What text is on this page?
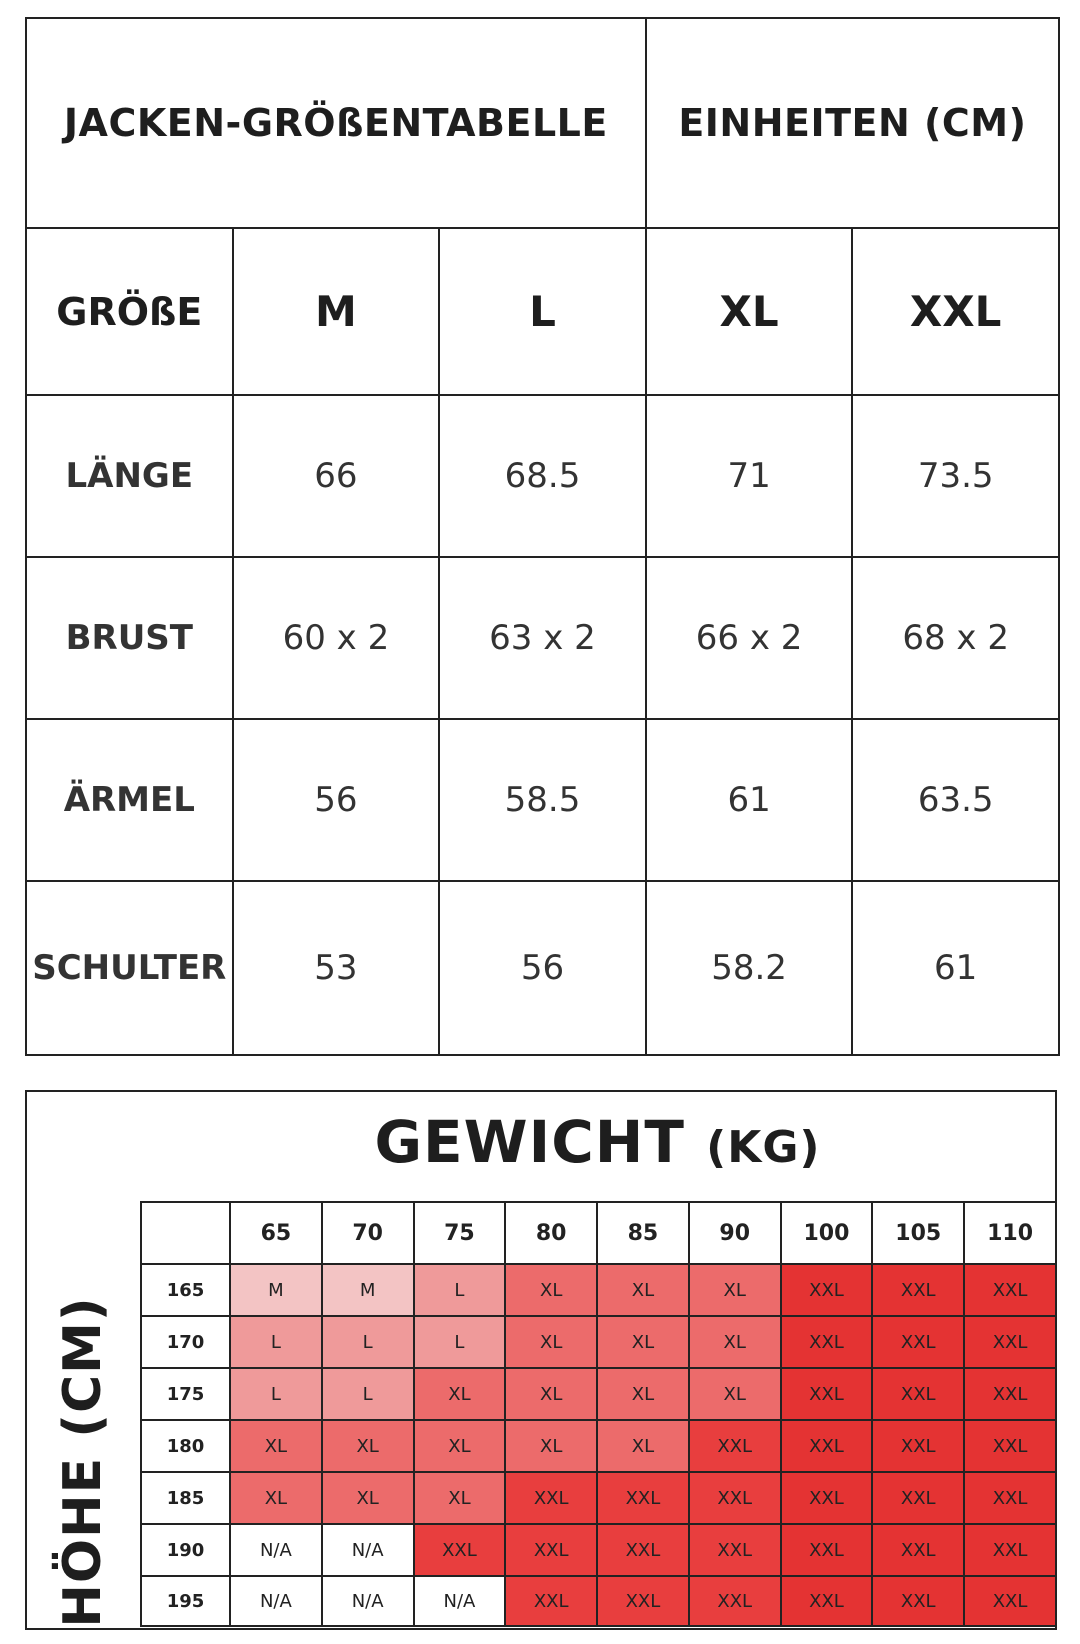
JACKEN-GRÖßENTABELLE			EINHEITEN (CM)	
GRÖßE	M	L	XL	XXL
LÄNGE	66	68.5	71	73.5
BRUST	60 x 2	63 x 2	66 x 2	68 x 2
ÄRMEL	56	58.5	61	63.5
SCHULTER	53	56	58.2	61
GEWICHT (KG)
HÖHE (CM)
	65	70	75	80	85	90	100	105	110
165	M	M	L	XL	XL	XL	XXL	XXL	XXL
170	L	L	L	XL	XL	XL	XXL	XXL	XXL
175	L	L	XL	XL	XL	XL	XXL	XXL	XXL
180	XL	XL	XL	XL	XL	XXL	XXL	XXL	XXL
185	XL	XL	XL	XXL	XXL	XXL	XXL	XXL	XXL
190	N/A	N/A	XXL	XXL	XXL	XXL	XXL	XXL	XXL
195	N/A	N/A	N/A	XXL	XXL	XXL	XXL	XXL	XXL
